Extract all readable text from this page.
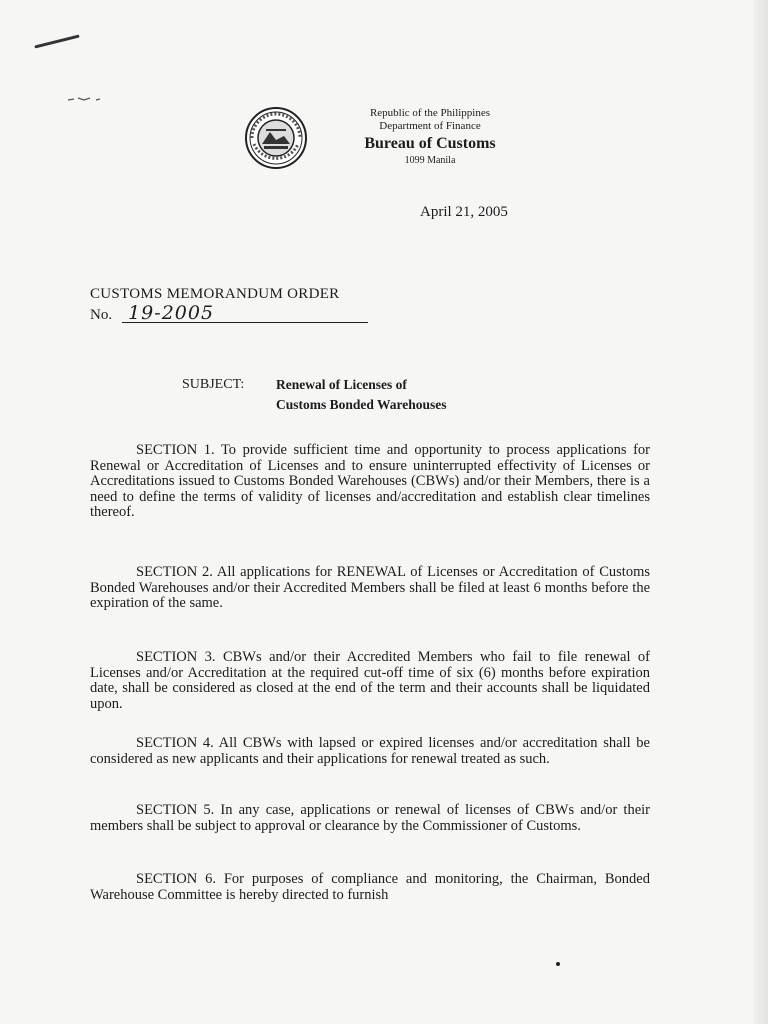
Republic of the Philippines
Department of Finance
Bureau of Customs
1099 Manila
April 21, 2005
CUSTOMS MEMORANDUM ORDER
No. 19-2005
SUBJECT: Renewal of Licenses of
Customs Bonded Warehouses

SECTION 1. To provide sufficient time and opportunity to process applications for Renewal or Accreditation of Licenses and to ensure uninterrupted effectivity of Licenses or Accreditations issued to Customs Bonded Warehouses (CBWs) and/or their Members, there is a need to define the terms of validity of licenses and/accreditation and establish clear timelines thereof.

SECTION 2. All applications for RENEWAL of Licenses or Accreditation of Customs Bonded Warehouses and/or their Accredited Members shall be filed at least 6 months before the expiration of the same.

SECTION 3. CBWs and/or their Accredited Members who fail to file renewal of Licenses and/or Accreditation at the required cut-off time of six (6) months before expiration date, shall be considered as closed at the end of the term and their accounts shall be liquidated upon.

SECTION 4. All CBWs with lapsed or expired licenses and/or accreditation shall be considered as new applicants and their applications for renewal treated as such.

SECTION 5. In any case, applications or renewal of licenses of CBWs and/or their members shall be subject to approval or clearance by the Commissioner of Customs.

SECTION 6. For purposes of compliance and monitoring, the Chairman, Bonded Warehouse Committee is hereby directed to furnish
